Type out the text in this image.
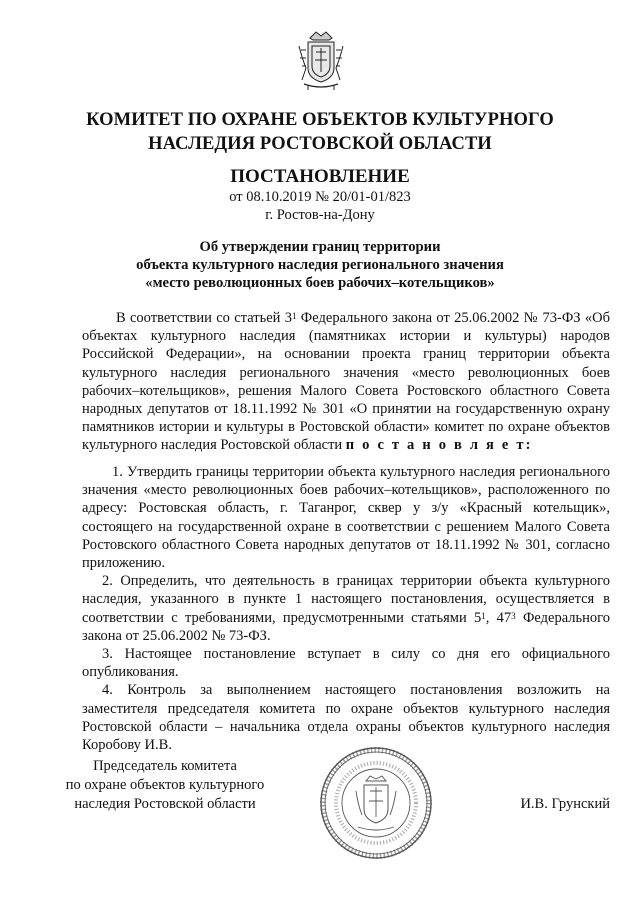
КОМИТЕТ ПО ОХРАНЕ ОБЪЕКТОВ КУЛЬТУРНОГО
НАСЛЕДИЯ РОСТОВСКОЙ ОБЛАСТИ
ПОСТАНОВЛЕНИЕ
от 08.10.2019 № 20/01-01/823
г. Ростов-на-Дону
Об утверждении границ территории
объекта культурного наследия регионального значения
«место революционных боев рабочих–котельщиков»

В соответствии со статьей $3^1$ Федерального закона от 25.06.2002 № 73-ФЗ «Об объектах культурного наследия (памятниках истории и культуры) народов Российской Федерации», на основании проекта границ территории объекта культурного наследия регионального значения «место революционных боев рабочих–котельщиков», решения Малого Совета Ростовского областного Совета народных депутатов от 18.11.1992 № 301 «О принятии на государственную охрану памятников истории и культуры в Ростовской области» комитет по охране объектов культурного наследия Ростовской области п о с т а н о в л я е т:

1. Утвердить границы территории объекта культурного наследия регионального значения «место революционных боев рабочих–котельщиков», расположенного по адресу: Ростовская область, г. Таганрог, сквер у з/у «Красный котельщик», состоящего на государственной охране в соответствии с решением Малого Совета Ростовского областного Совета народных депутатов от 18.11.1992 № 301, согласно приложению.

2. Определить, что деятельность в границах территории объекта культурного наследия, указанного в пункте 1 настоящего постановления, осуществляется в соответствии с требованиями, предусмотренными статьями $5^1$, $47^3$ Федерального закона от 25.06.2002 № 73-ФЗ.

3. Настоящее постановление вступает в силу со дня его официального опубликования.

4. Контроль за выполнением настоящего постановления возложить на заместителя председателя комитета по охране объектов культурного наследия Ростовской области – начальника отдела охраны объектов культурного наследия Коробову И.В.

Председатель комитета
по охране объектов культурного
наследия Ростовской области	И.В. Грунский
